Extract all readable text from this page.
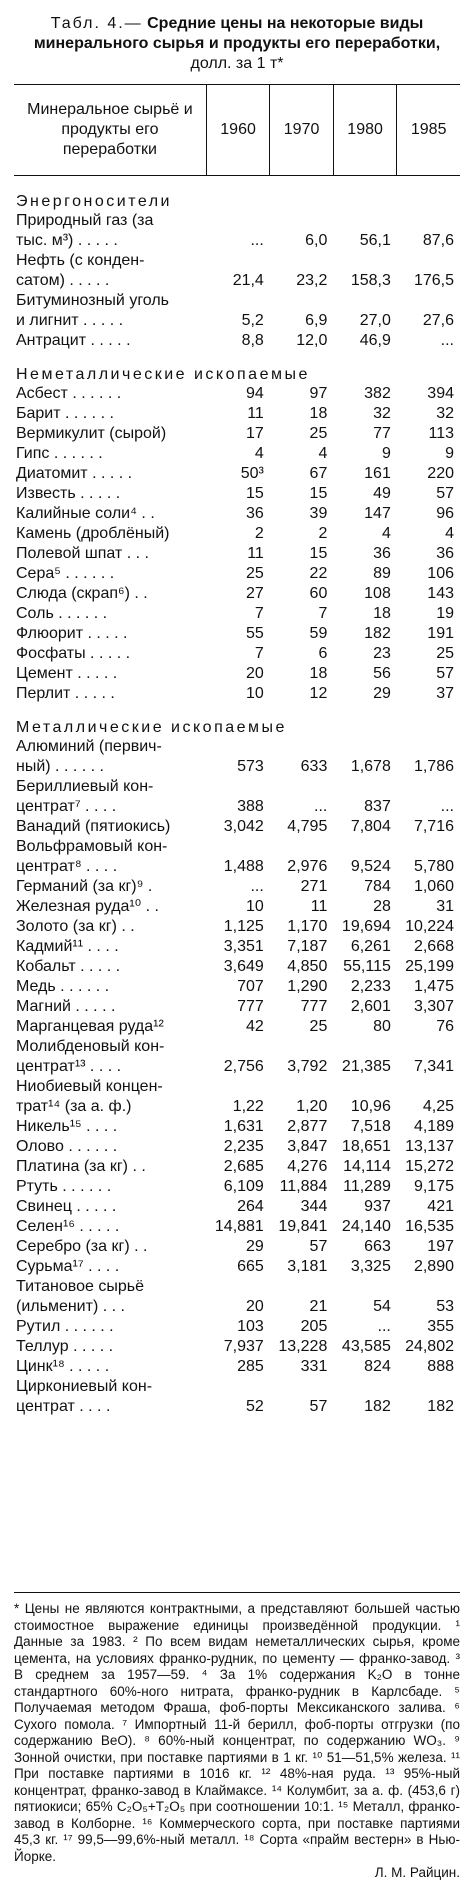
Табл. 4.— Средние цены на некоторые виды минерального сырья и продукты его переработки,
долл. за 1 т*
Минеральное сырьё и продукты его переработки	1960	1970	1980	1985

Энергоносители				
Природный газ (за				
тыс. м³) . . . . .	...	6,0	56,1	87,6
Нефть (с конден-				
сатом) . . . . .	21,4	23,2	158,3	176,5
Битуминозный уголь				
и лигнит . . . . .	5,2	6,9	27,0	27,6
Антрацит . . . . .	8,8	12,0	46,9	...

Неметаллические ископаемые				
Асбест . . . . . .	94	97	382	394
Барит . . . . . .	11	18	32	32
Вермикулит (сырой)	17	25	77	113
Гипс . . . . . .	4	4	9	9
Диатомит . . . . .	50³	67	161	220
Известь . . . . .	15	15	49	57
Калийные соли⁴ . .	36	39	147	96
Камень (дроблёный)	2	2	4	4
Полевой шпат . . .	11	15	36	36
Сера⁵ . . . . . .	25	22	89	106
Слюда (скрап⁶) . .	27	60	108	143
Соль . . . . . .	7	7	18	19
Флюорит . . . . .	55	59	182	191
Фосфаты . . . . .	7	6	23	25
Цемент . . . . .	20	18	56	57
Перлит . . . . .	10	12	29	37

Металлические ископаемые				
Алюминий (первич-				
ный) . . . . . .	573	633	1,678	1,786
Бериллиевый кон-				
центрат⁷ . . . .	388	...	837	...
Ванадий (пятиокись)	3,042	4,795	7,804	7,716
Вольфрамовый кон-				
центрат⁸ . . . .	1,488	2,976	9,524	5,780
Германий (за кг)⁹ .	...	271	784	1,060
Железная руда¹⁰ . .	10	11	28	31
Золото (за кг) . .	1,125	1,170	19,694	10,224
Кадмий¹¹ . . . .	3,351	7,187	6,261	2,668
Кобальт . . . . .	3,649	4,850	55,115	25,199
Медь . . . . . .	707	1,290	2,233	1,475
Магний . . . . .	777	777	2,601	3,307
Марганцевая руда¹²	42	25	80	76
Молибденовый кон-				
центрат¹³ . . . .	2,756	3,792	21,385	7,341
Ниобиевый концен-				
трат¹⁴ (за а. ф.)	1,22	1,20	10,96	4,25
Никель¹⁵ . . . .	1,631	2,877	7,518	4,189
Олово . . . . . .	2,235	3,847	18,651	13,137
Платина (за кг) . .	2,685	4,276	14,114	15,272
Ртуть . . . . . .	6,109	11,884	11,289	9,175
Свинец . . . . .	264	344	937	421
Селен¹⁶ . . . . .	14,881	19,841	24,140	16,535
Серебро (за кг) . .	29	57	663	197
Сурьма¹⁷ . . . .	665	3,181	3,325	2,890
Титановое сырьё				
(ильменит) . . .	20	21	54	53
Рутил . . . . . .	103	205	...	355
Теллур . . . . .	7,937	13,228	43,585	24,802
Цинк¹⁸ . . . . .	285	331	824	888
Циркониевый кон-				
центрат . . . .	52	57	182	182
* Цены не являются контрактными, а представляют большей частью стоимостное выражение единицы произведённой продукции. ¹ Данные за 1983. ² По всем видам неметаллических сырья, кроме цемента, на условиях франко-рудник, по цементу — франко-завод. ³ В среднем за 1957—59. ⁴ За 1% содержания K₂O в тонне стандартного 60%-ного нитрата, франко-рудник в Карлсбаде. ⁵ Получаемая методом Фраша, фоб-порты Мексиканского залива. ⁶ Сухого помола. ⁷ Импортный 11-й берилл, фоб-порты отгрузки (по содержанию BeO). ⁸ 60%-ный концентрат, по содержанию WO₃. ⁹ Зонной очистки, при поставке партиями в 1 кг. ¹⁰ 51—51,5% железа. ¹¹ При поставке партиями в 1016 кг. ¹² 48%-ная руда. ¹³ 95%-ный концентрат, франко-завод в Клаймаксе. ¹⁴ Колумбит, за а. ф. (453,6 г) пятиокиси; 65% C₂O₅+T₂O₅ при соотношении 10:1. ¹⁵ Металл, франко-завод в Колборне. ¹⁶ Коммерческого сорта, при поставке партиями 45,3 кг. ¹⁷ 99,5—99,6%-ный металл. ¹⁸ Сорта «прайм вестерн» в Нью-Йорке.
Л. М. Райцин.
